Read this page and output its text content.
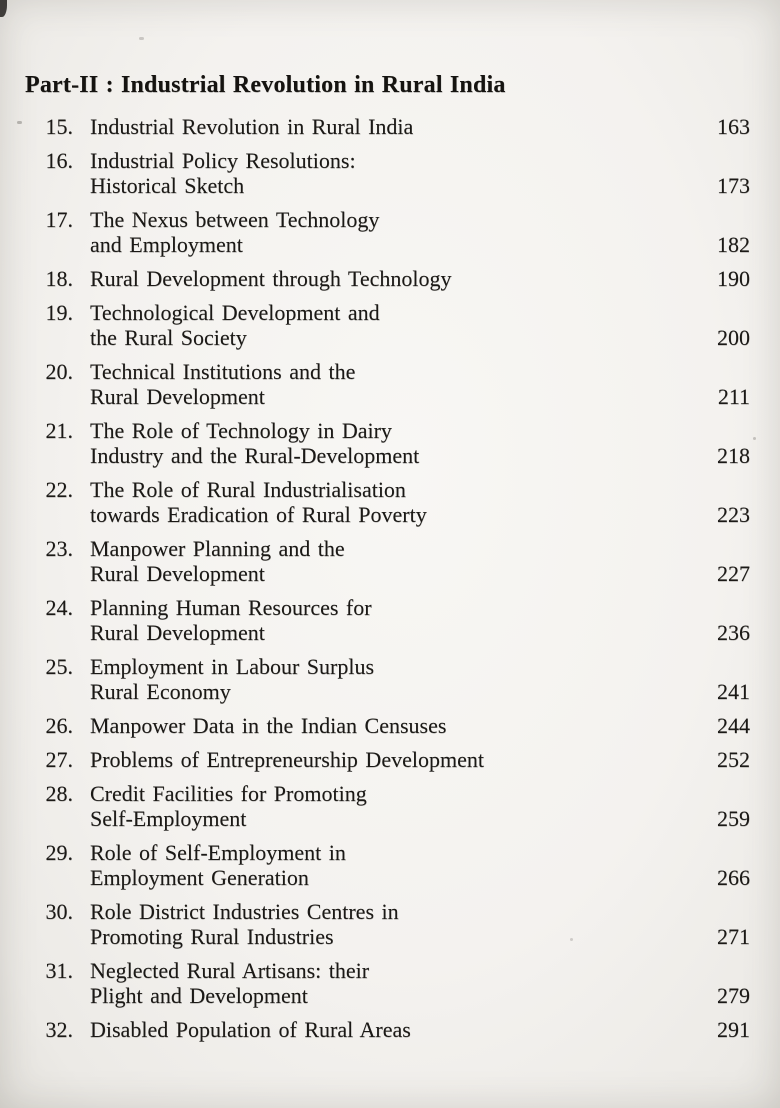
Part-II : Industrial Revolution in Rural India
15. Industrial Revolution in Rural India	163
16. Industrial Policy Resolutions:
Historical Sketch	173
17. The Nexus between Technology
and Employment	182
18. Rural Development through Technology	190
19. Technological Development and
the Rural Society	200
20. Technical Institutions and the
Rural Development	211
21. The Role of Technology in Dairy
Industry and the Rural-Development	218
22. The Role of Rural Industrialisation
towards Eradication of Rural Poverty	223
23. Manpower Planning and the
Rural Development	227
24. Planning Human Resources for
Rural Development	236
25. Employment in Labour Surplus
Rural Economy	241
26. Manpower Data in the Indian Censuses	244
27. Problems of Entrepreneurship Development	252
28. Credit Facilities for Promoting
Self-Employment	259
29. Role of Self-Employment in
Employment Generation	266
30. Role District Industries Centres in
Promoting Rural Industries	271
31. Neglected Rural Artisans: their
Plight and Development	279
32. Disabled Population of Rural Areas	291
